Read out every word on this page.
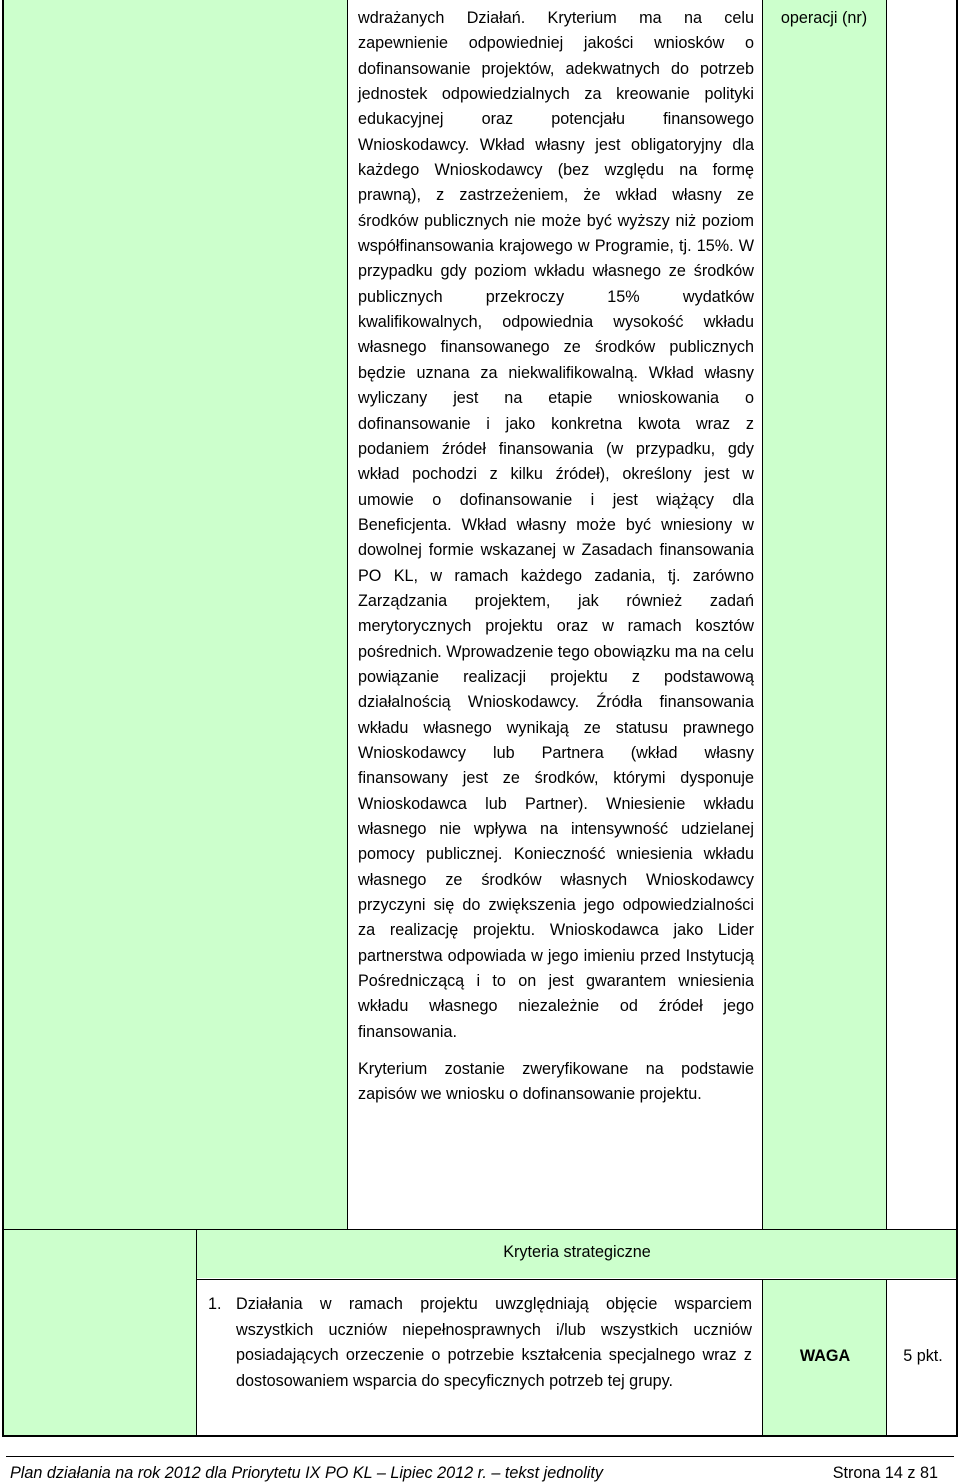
wdrażanych Działań. Kryterium ma na celu zapewnienie odpowiedniej jakości wniosków o dofinansowanie projektów, adekwatnych do potrzeb jednostek odpowiedzialnych za kreowanie polityki edukacyjnej oraz potencjału finansowego Wnioskodawcy. Wkład własny jest obligatoryjny dla każdego Wnioskodawcy (bez względu na formę prawną), z zastrzeżeniem, że wkład własny ze środków publicznych nie może być wyższy niż poziom współfinansowania krajowego w Programie, tj. 15%. W przypadku gdy poziom wkładu własnego ze środków publicznych przekroczy 15% wydatków kwalifikowalnych, odpowiednia wysokość wkładu własnego finansowanego ze środków publicznych będzie uznana za niekwalifikowalną. Wkład własny wyliczany jest na etapie wnioskowania o dofinansowanie i jako konkretna kwota wraz z podaniem źródeł finansowania (w przypadku, gdy wkład pochodzi z kilku źródeł), określony jest w umowie o dofinansowanie i jest wiążący dla Beneficjenta. Wkład własny może być wniesiony w dowolnej formie wskazanej w Zasadach finansowania PO KL, w ramach każdego zadania, tj. zarówno Zarządzania projektem, jak również zadań merytorycznych projektu oraz w ramach kosztów pośrednich. Wprowadzenie tego obowiązku ma na celu powiązanie realizacji projektu z podstawową działalnością Wnioskodawcy. Źródła finansowania wkładu własnego wynikają ze statusu prawnego Wnioskodawcy lub Partnera (wkład własny finansowany jest ze środków, którymi dysponuje Wnioskodawca lub Partner). Wniesienie wkładu własnego nie wpływa na intensywność udzielanej pomocy publicznej. Konieczność wniesienia wkładu własnego ze środków własnych Wnioskodawcy przyczyni się do zwiększenia jego odpowiedzialności za realizację projektu. Wnioskodawca jako Lider partnerstwa odpowiada w jego imieniu przed Instytucją Pośredniczącą i to on jest gwarantem wniesienia wkładu własnego niezależnie od źródeł jego finansowania.

Kryterium zostanie zweryfikowane na podstawie zapisów we wniosku o dofinansowanie projektu.

operacji (nr)
Kryteria strategiczne
1. Działania w ramach projektu uwzględniają objęcie wsparciem wszystkich uczniów niepełnosprawnych i/lub wszystkich uczniów posiadających orzeczenie o potrzebie kształcenia specjalnego wraz z dostosowaniem wsparcia do specyficznych potrzeb tej grupy.
WAGA	5 pkt.
Plan działania na rok 2012 dla Priorytetu IX PO KL – Lipiec 2012 r. – tekst jednolity	Strona 14 z 81
